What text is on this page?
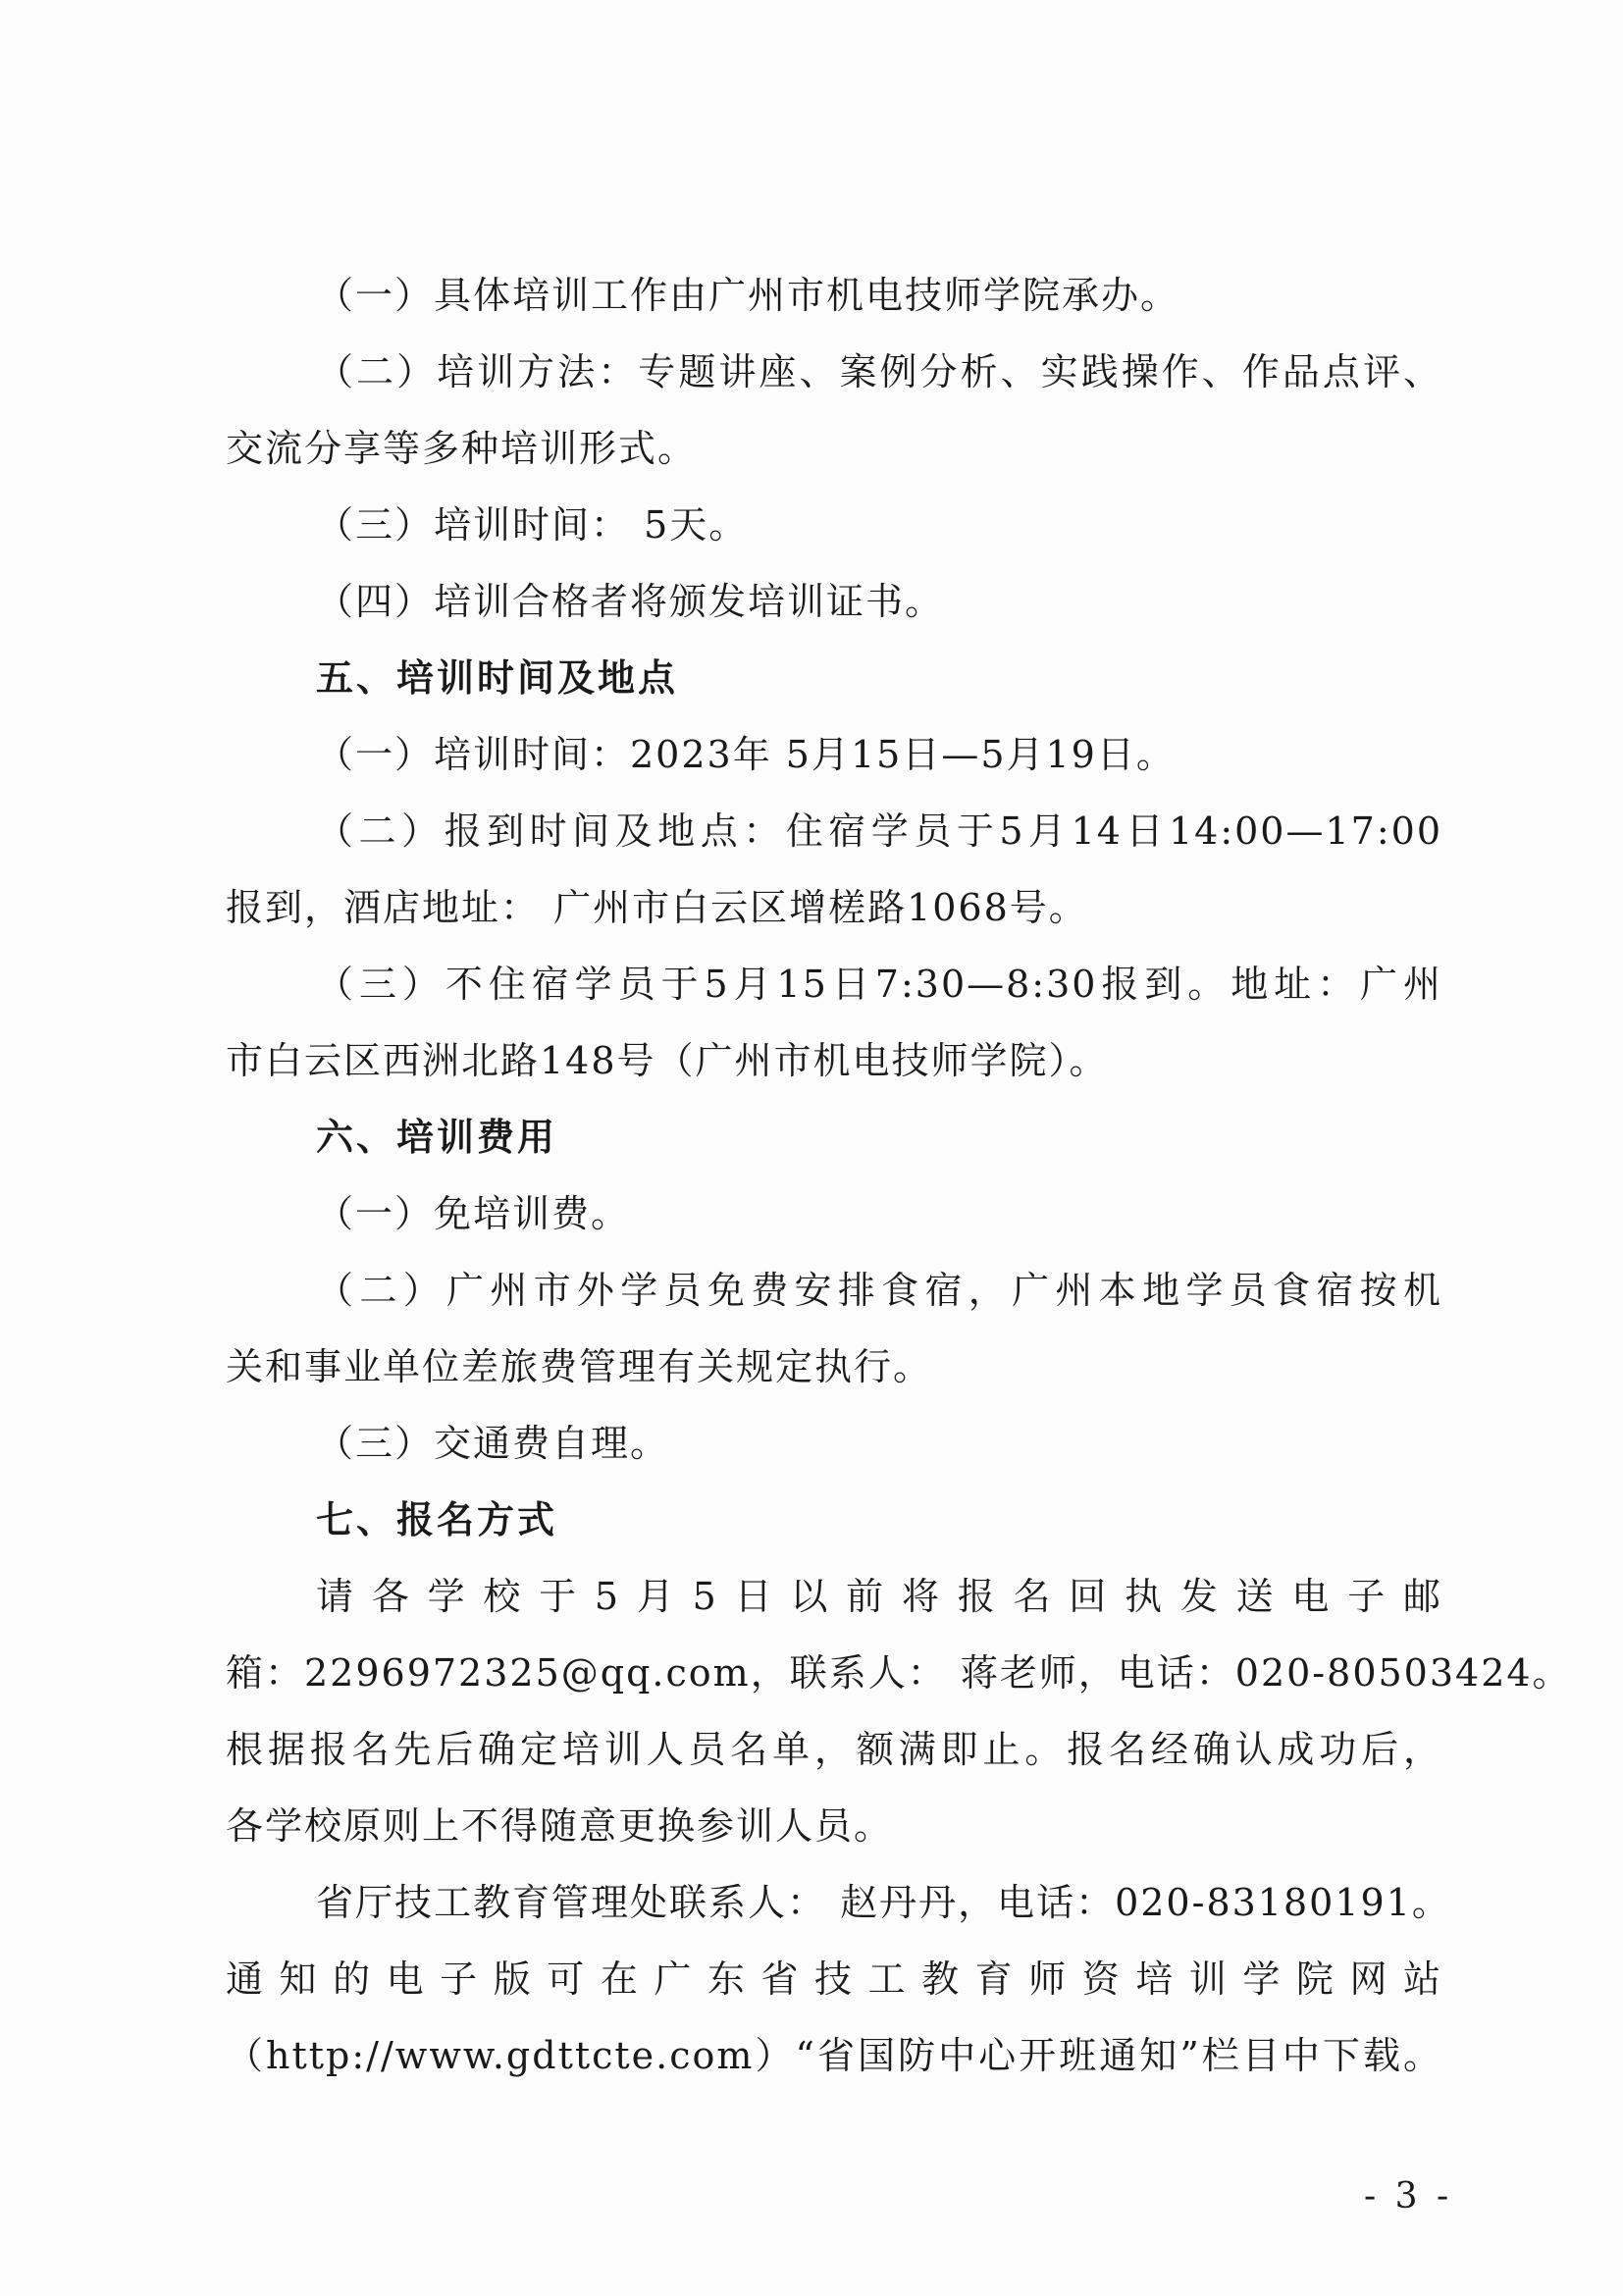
（一）具体培训工作由广州市机电技师学院承办。
（二）培训方法：专题讲座、案例分析、实践操作、作品点评、
交流分享等多种培训形式。
（三）培训时间： 5天。
（四）培训合格者将颁发培训证书。
五、培训时间及地点
（一）培训时间：2023年 5月15日—5月19日。
（二）报到时间及地点：住宿学员于5月14日14:00—17:00
报到，酒店地址： 广州市白云区增槎路1068号。
（三）不住宿学员于5月15日7:30—8:30报到。地址：广州
市白云区西洲北路148号（广州市机电技师学院）。
六、培训费用
（一）免培训费。
（二）广州市外学员免费安排食宿，广州本地学员食宿按机
关和事业单位差旅费管理有关规定执行。
（三）交通费自理。
七、报名方式
请各学校于5月5日以前将报名回执发送电子邮
箱：2296972325@qq.com，联系人： 蒋老师，电话：020-80503424。
根据报名先后确定培训人员名单，额满即止。报名经确认成功后，
各学校原则上不得随意更换参训人员。
省厅技工教育管理处联系人： 赵丹丹，电话：020-83180191。
通知的电子版可在广东省技工教育师资培训学院网站
（http://www.gdttcte.com）“省国防中心开班通知”栏目中下载。
- 3 -
